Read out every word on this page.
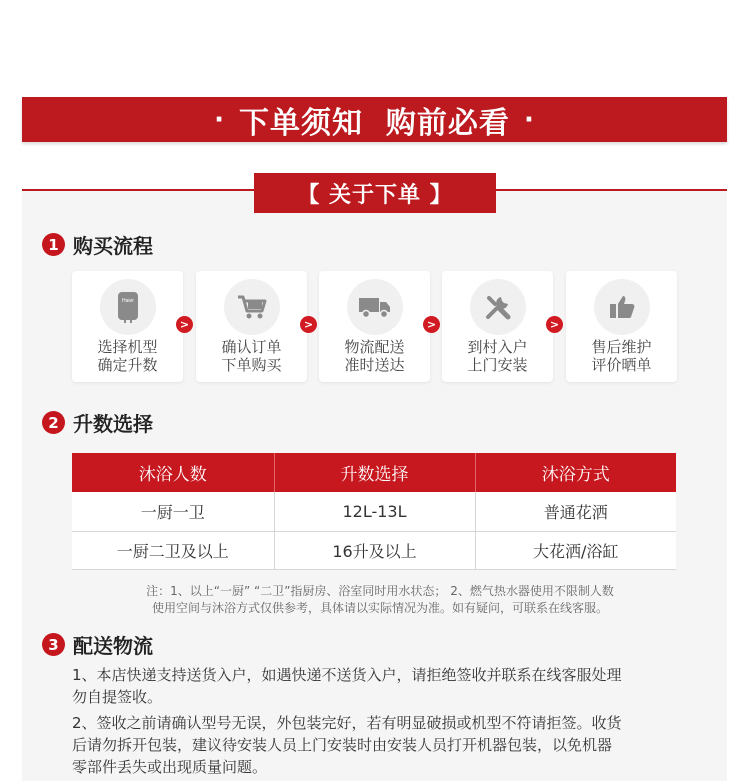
· 下单须知  购前必看 ·
【 关于下单 】
1 购买流程
Haier
选择机型
确定升数
>
确认订单
下单购买
>
物流配送
准时送达
>
到村入户
上门安装
>
售后维护
评价晒单
2 升数选择
沐浴人数	升数选择	沐浴方式
一厨一卫	12L-13L	普通花洒
一厨二卫及以上	16升及以上	大花洒/浴缸
注：1、以上“一厨” “二卫”指厨房、浴室同时用水状态； 2、燃气热水器使用不限制人数
使用空间与沐浴方式仅供参考，具体请以实际情况为准。如有疑问，可联系在线客服。
3 配送物流
1、本店快递支持送货入户，如遇快递不送货入户，请拒绝签收并联系在线客服处理
勿自提签收。
2、签收之前请确认型号无误，外包装完好，若有明显破损或机型不符请拒签。收货
后请勿拆开包装，建议待安装人员上门安装时由安装人员打开机器包装，以免机器
零部件丢失或出现质量问题。
